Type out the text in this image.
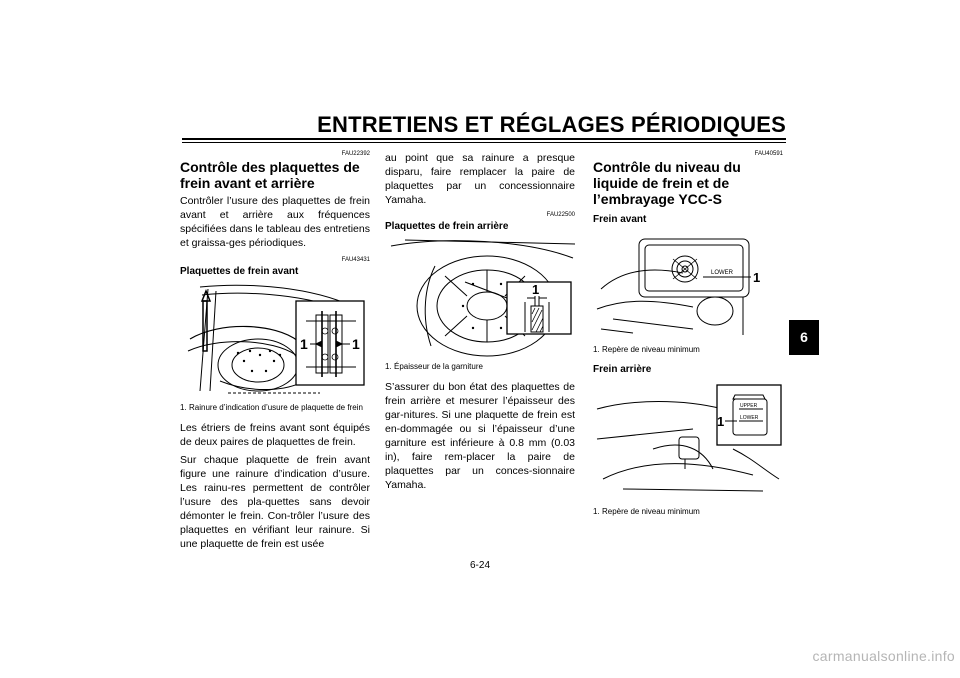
ENTRETIENS ET RÉGLAGES PÉRIODIQUES
6
FAU22392
Contrôle des plaquettes de frein avant et arrière

Contrôler l’usure des plaquettes de frein avant et arrière aux fréquences spécifiées dans le tableau des entretiens et graissa-ges périodiques.

FAU43431
Plaquettes de frein avant
1	1
1. Rainure d’indication d’usure de plaquette de frein

Les étriers de freins avant sont équipés de deux paires de plaquettes de frein.

Sur chaque plaquette de frein avant figure une rainure d’indication d’usure. Les rainu-res permettent de contrôler l’usure des pla-quettes sans devoir démonter le frein. Con-trôler l’usure des plaquettes en vérifiant leur rainure. Si une plaquette de frein est usée

au point que sa rainure a presque disparu, faire remplacer la paire de plaquettes par un concessionnaire Yamaha.

FAU22500
Plaquettes de frein arrière
1
1. Épaisseur de la garniture

S’assurer du bon état des plaquettes de frein arrière et mesurer l’épaisseur des gar-nitures. Si une plaquette de frein est en-dommagée ou si l’épaisseur d’une garniture est inférieure à 0.8 mm (0.03 in), faire rem-placer la paire de plaquettes par un conces-sionnaire Yamaha.

FAU40591
Contrôle du niveau du liquide de frein et de l’embrayage YCC-S
Frein avant
LOWER 1
1. Repère de niveau minimum
Frein arrière
UPPER
LOWER
1
1. Repère de niveau minimum
6-24
carmanualsonline.info
